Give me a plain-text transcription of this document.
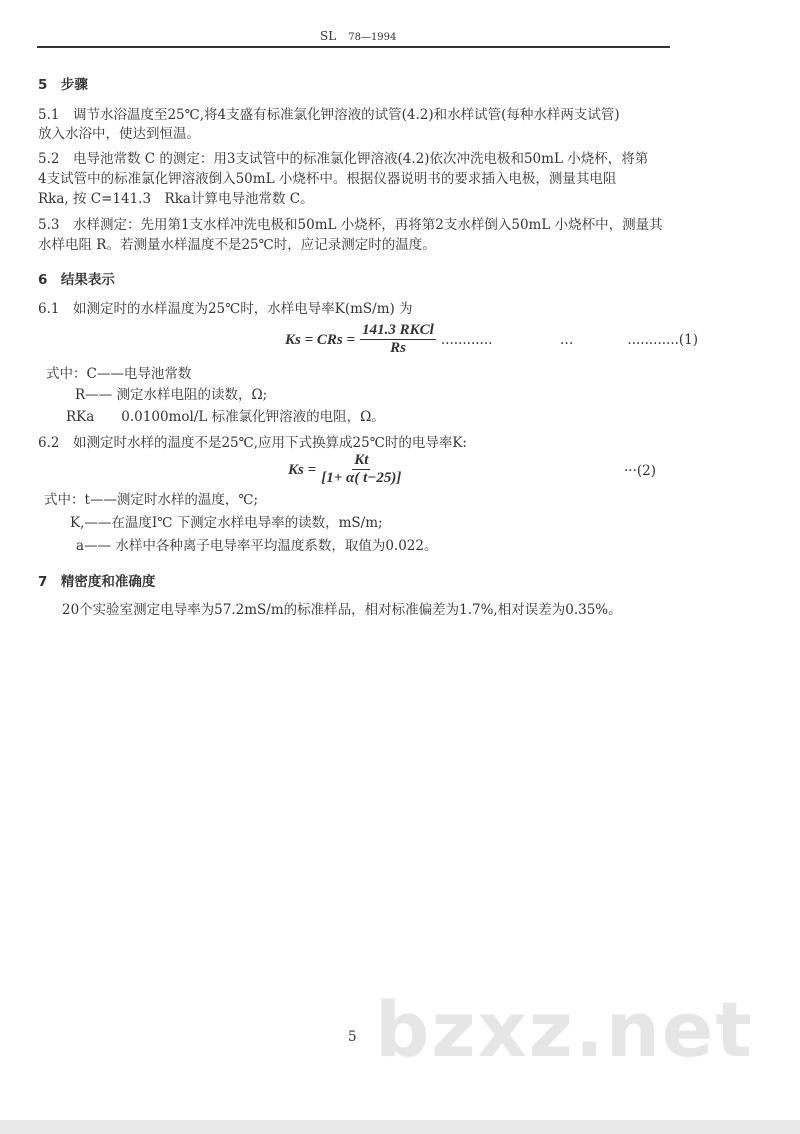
SL　 78—1994
5　步骤
5.1　调节水浴温度至25℃,将4支盛有标准氯化钾溶液的试管(4.2)和水样试管(每种水样两支试管)
放入水浴中，使达到恒温。
5.2　电导池常数 C 的测定：用3支试管中的标准氯化钾溶液(4.2)依次冲洗电极和50mL 小烧杯，将第
4支试管中的标准氯化钾溶液倒入50mL 小烧杯中。根据仪器说明书的要求插入电极，测量其电阻
Rka, 按 C=141.3　Rka计算电导池常数 C。
5.3　水样测定：先用第1支水样冲洗电极和50mL 小烧杯，再将第2支水样倒入50mL 小烧杯中，测量其
水样电阻 R。若测量水样温度不是25℃时，应记录测定时的温度。
6　结果表示
6.1　如测定时的水样温度为25℃时，水样电导率K(mS/m) 为
Ks = CRs = $\frac{\text{141.3 RKCl}}{Rs}$ ............　　　　　…　　　　............(1)
式中：C——电导池常数
R—— 测定水样电阻的读数，Ω;
RKa　　0.0100mol/L 标准氯化钾溶液的电阻，Ω。
6.2　如测定时水样的温度不是25℃,应用下式换算成25℃时的电导率K:
$Ks = \frac{Kt}{[1+ \alpha( t-25)]}$	···(2)
式中：t——测定时水样的温度，℃;
K,——在温度I℃ 下测定水样电导率的读数，mS/m;
a—— 水样中各种离子电导率平均温度系数，取值为0.022。
7　精密度和准确度
20个实验室测定电导率为57.2mS/m的标准样品，相对标准偏差为1.7%,相对误差为0.35%。
bzxz.net
5
